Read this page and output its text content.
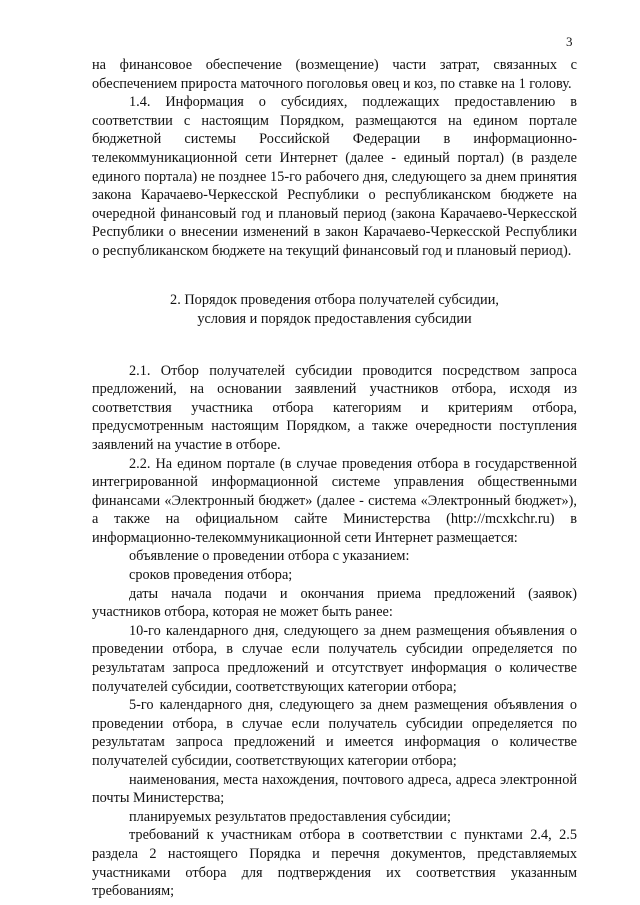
3

на финансовое обеспечение (возмещение) части затрат, связанных с обеспечением прироста маточного поголовья овец и коз, по ставке на 1 голову.

1.4. Информация о субсидиях, подлежащих предоставлению в соответствии с настоящим Порядком, размещаются на едином портале бюджетной системы Российской Федерации в информационно-телекоммуникационной сети Интернет (далее - единый портал) (в разделе единого портала) не позднее 15-го рабочего дня, следующего за днем принятия закона Карачаево-Черкесской Республики о республиканском бюджете на очередной финансовый год и плановый период (закона Карачаево-Черкесской Республики о внесении изменений в закон Карачаево-Черкесской Республики о республиканском бюджете на текущий финансовый год и плановый период).

2. Порядок проведения отбора получателей субсидии,
условия и порядок предоставления субсидии

2.1. Отбор получателей субсидии проводится посредством запроса предложений, на основании заявлений участников отбора, исходя из соответствия участника отбора категориям и критериям отбора, предусмотренным настоящим Порядком, а также очередности поступления заявлений на участие в отборе.

2.2. На едином портале (в случае проведения отбора в государственной интегрированной информационной системе управления общественными финансами «Электронный бюджет» (далее - система «Электронный бюджет»), а также на официальном сайте Министерства (http://mcxkchr.ru) в информационно-телекоммуникационной сети Интернет размещается:

объявление о проведении отбора с указанием:

сроков проведения отбора;

даты начала подачи и окончания приема предложений (заявок) участников отбора, которая не может быть ранее:

10-го календарного дня, следующего за днем размещения объявления о проведении отбора, в случае если получатель субсидии определяется по результатам запроса предложений и отсутствует информация о количестве получателей субсидии, соответствующих категории отбора;

5-го календарного дня, следующего за днем размещения объявления о проведении отбора, в случае если получатель субсидии определяется по результатам запроса предложений и имеется информация о количестве получателей субсидии, соответствующих категории отбора;

наименования, места нахождения, почтового адреса, адреса электронной почты Министерства;

планируемых результатов предоставления субсидии;

требований к участникам отбора в соответствии с пунктами 2.4, 2.5 раздела 2 настоящего Порядка и перечня документов, представляемых участниками отбора для подтверждения их соответствия указанным требованиям;
